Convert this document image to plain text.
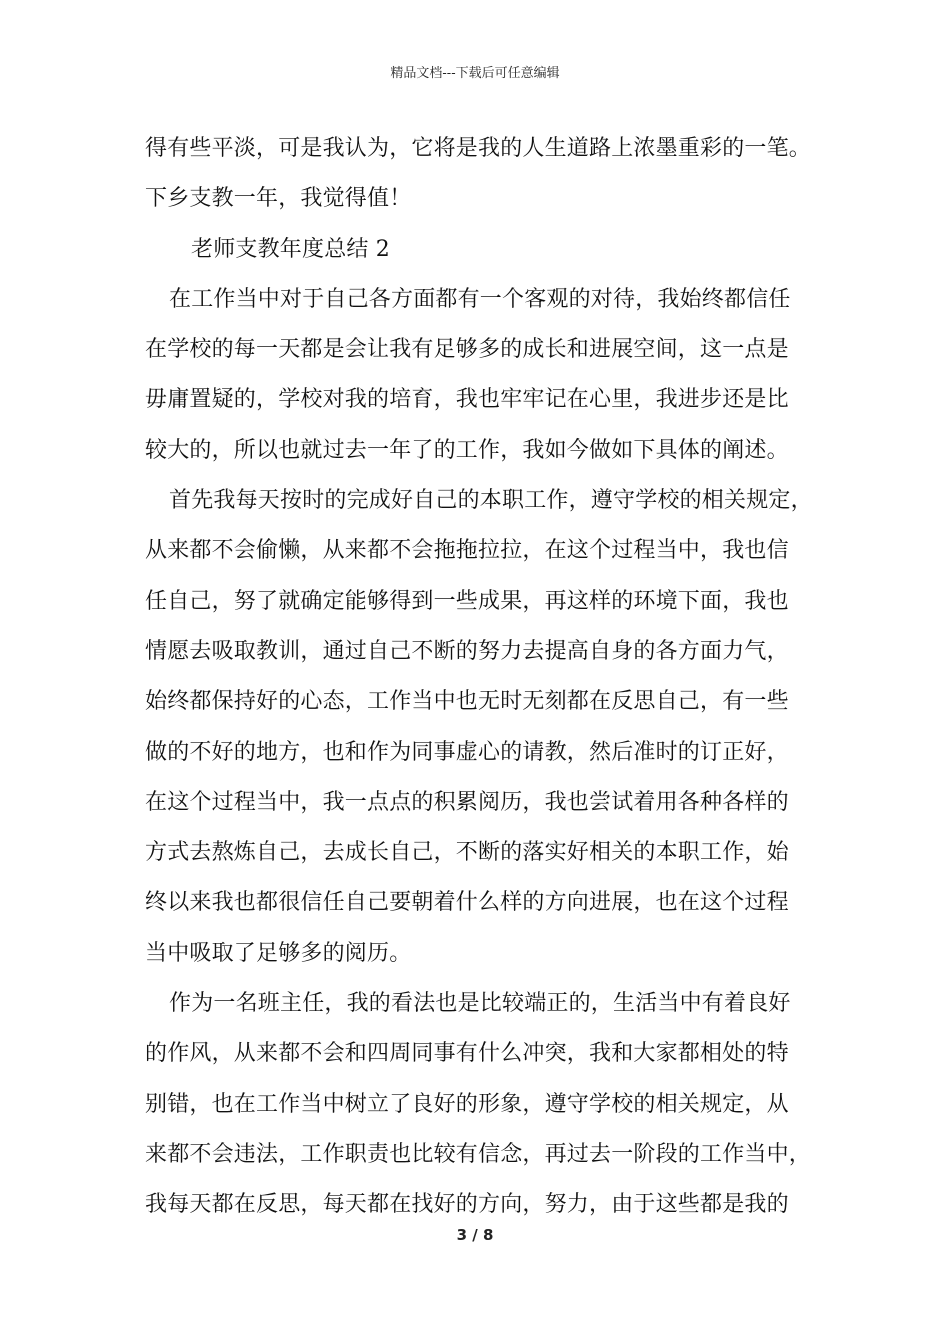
精品文档---下载后可任意编辑
得有些平淡，可是我认为，它将是我的人生道路上浓墨重彩的一笔。
下乡支教一年，我觉得值！
老师支教年度总结 2
在工作当中对于自己各方面都有一个客观的对待，我始终都信任
在学校的每一天都是会让我有足够多的成长和进展空间，这一点是
毋庸置疑的，学校对我的培育，我也牢牢记在心里，我进步还是比
较大的，所以也就过去一年了的工作，我如今做如下具体的阐述。
首先我每天按时的完成好自己的本职工作，遵守学校的相关规定，
从来都不会偷懒，从来都不会拖拖拉拉，在这个过程当中，我也信
任自己，努了就确定能够得到一些成果，再这样的环境下面，我也
情愿去吸取教训，通过自己不断的努力去提高自身的各方面力气，
始终都保持好的心态，工作当中也无时无刻都在反思自己，有一些
做的不好的地方，也和作为同事虚心的请教，然后准时的订正好，
在这个过程当中，我一点点的积累阅历，我也尝试着用各种各样的
方式去熬炼自己，去成长自己，不断的落实好相关的本职工作，始
终以来我也都很信任自己要朝着什么样的方向进展，也在这个过程
当中吸取了足够多的阅历。
作为一名班主任，我的看法也是比较端正的，生活当中有着良好
的作风，从来都不会和四周同事有什么冲突，我和大家都相处的特
别错，也在工作当中树立了良好的形象，遵守学校的相关规定，从
来都不会违法，工作职责也比较有信念，再过去一阶段的工作当中，
我每天都在反思，每天都在找好的方向，努力，由于这些都是我的
3 / 8
